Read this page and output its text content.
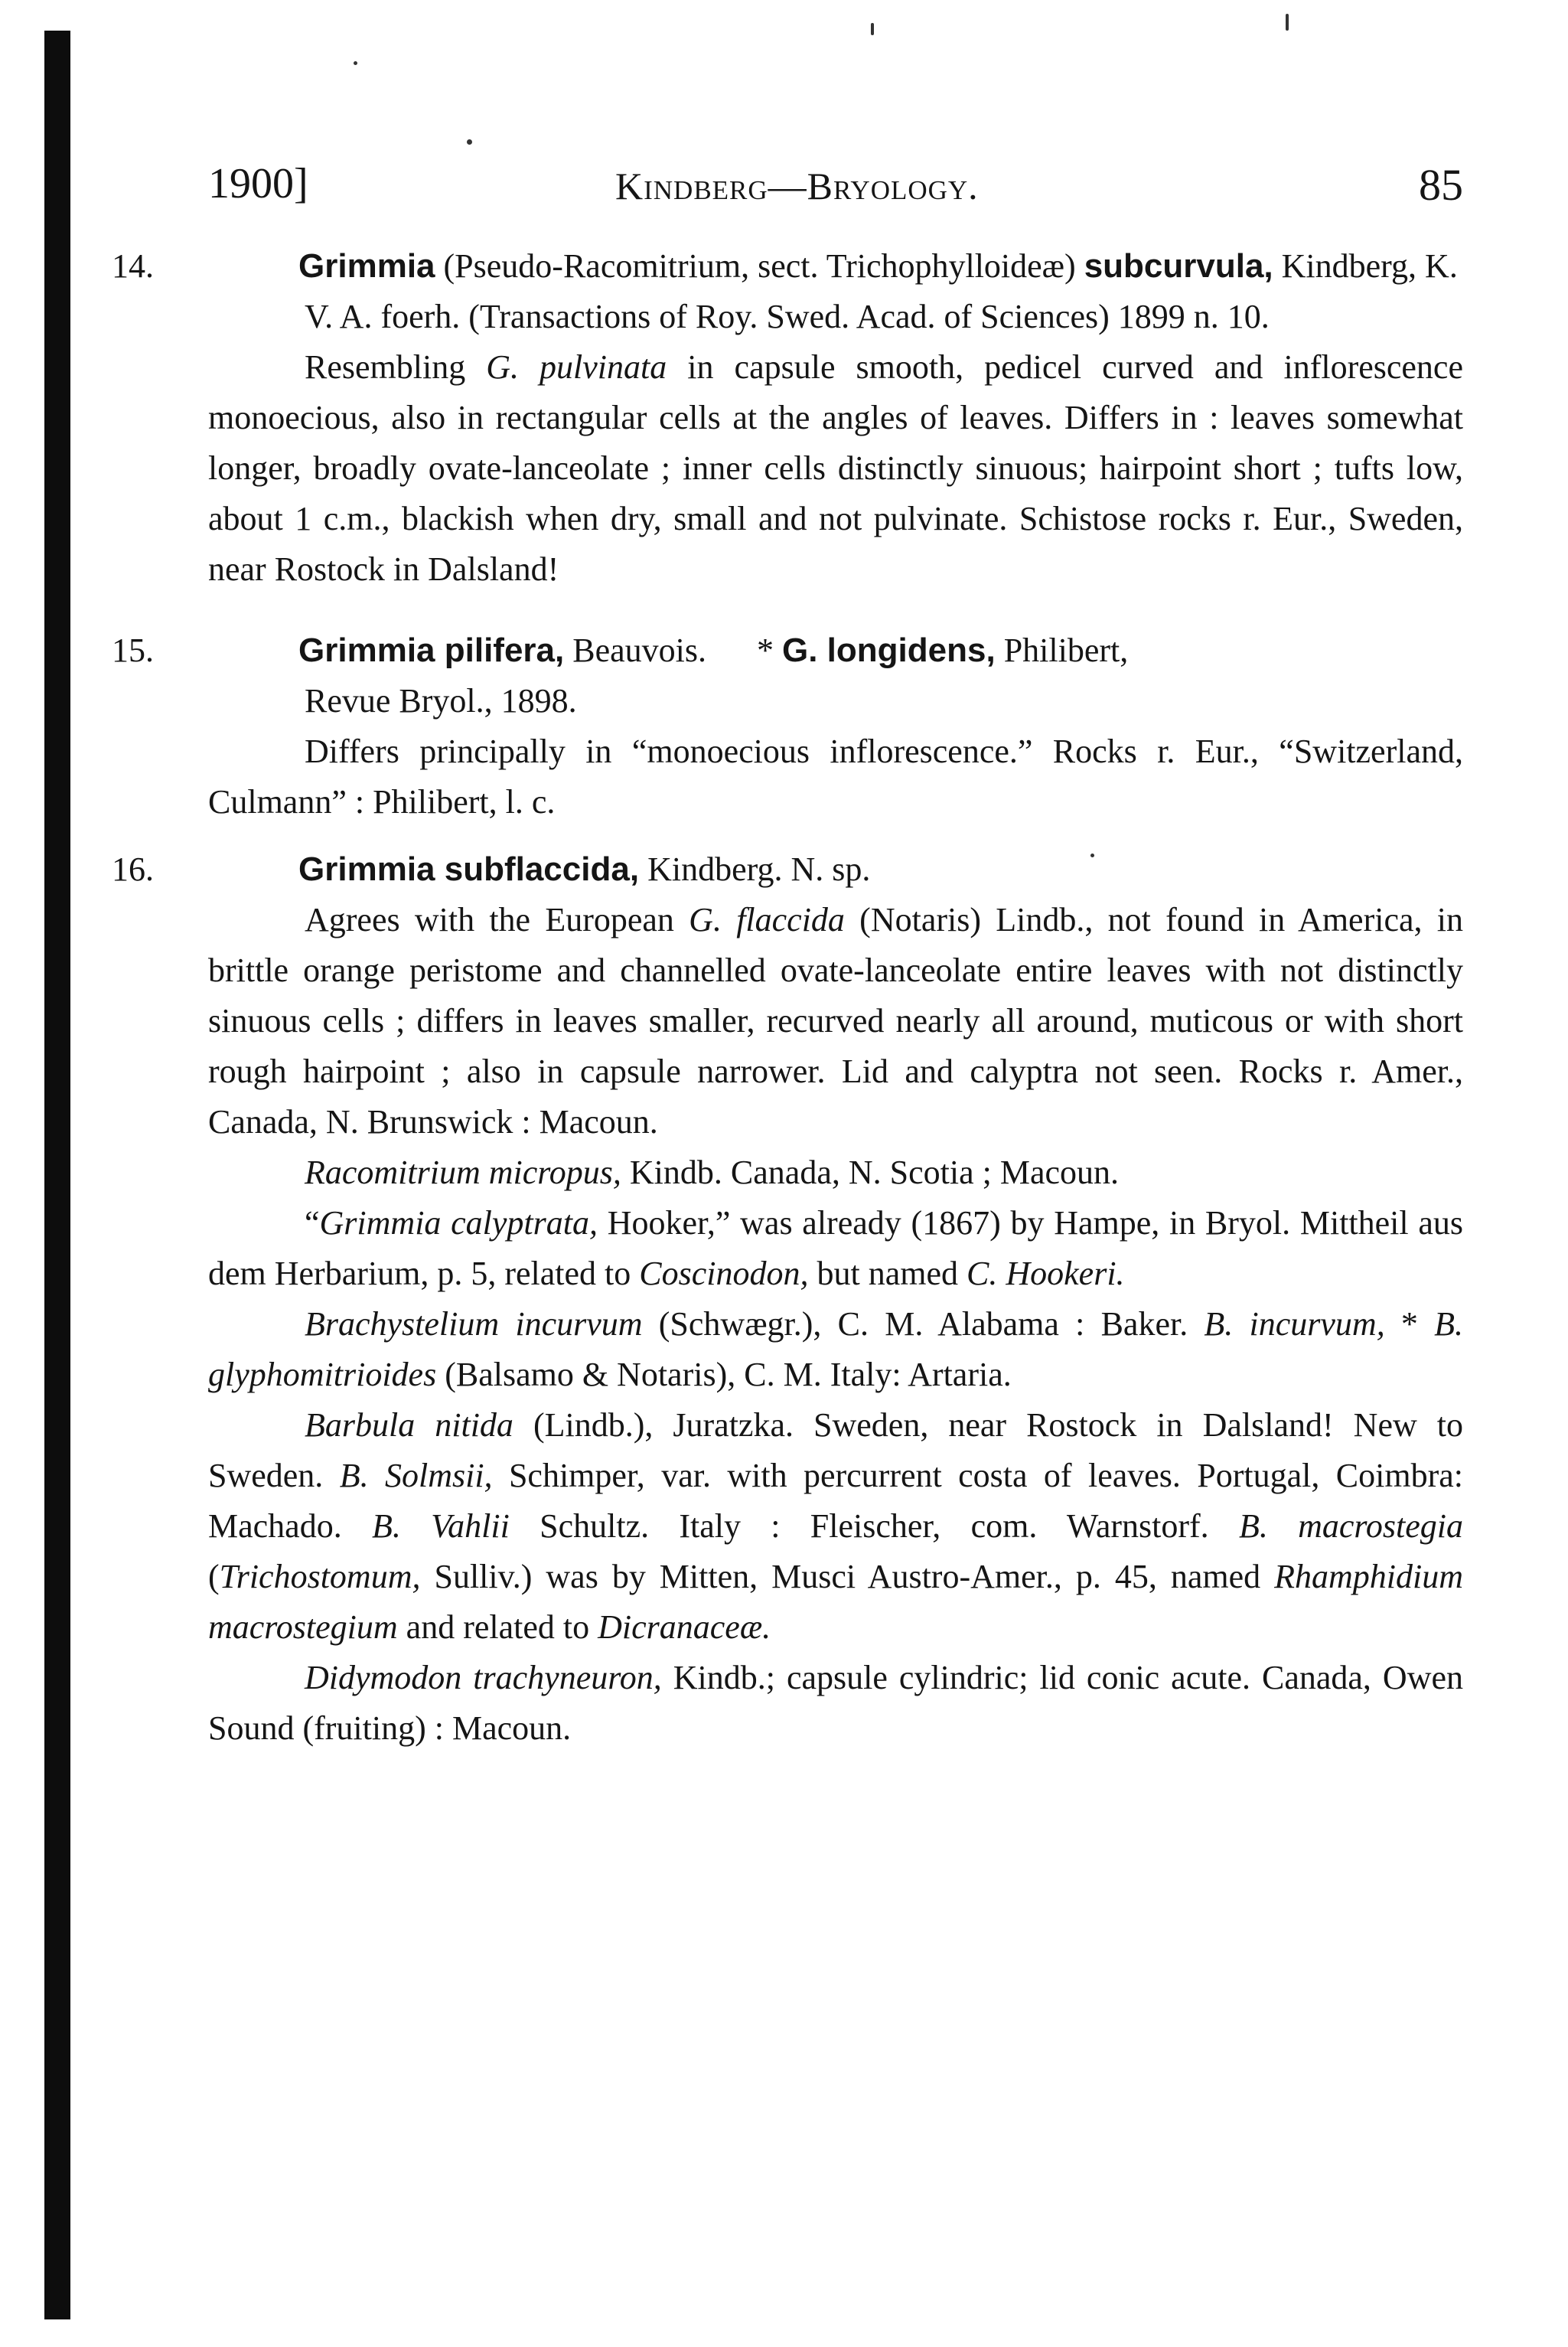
1900]	Kindberg—Bryology.	85

14.	Grimmia (Pseudo-Racomitrium, sect. Trichophylloideæ) subcurvula, Kindberg, K. V. A. foerh. (Transactions of Roy. Swed. Acad. of Sciences) 1899 n. 10.

Resembling G. pulvinata in capsule smooth, pedicel curved and inflorescence monoecious, also in rectangular cells at the angles of leaves. Differs in : leaves somewhat longer, broadly ovate-lanceolate ; inner cells distinctly sinuous; hairpoint short ; tufts low, about 1 c.m., blackish when dry, small and not pulvinate. Schistose rocks r. Eur., Sweden, near Rostock in Dalsland!

15.	Grimmia pilifera, Beauvois. * G. longidens, Philibert,
Revue Bryol., 1898.

Differs principally in “monoecious inflorescence.” Rocks r. Eur., “Switzerland, Culmann” : Philibert, l. c.

16.	Grimmia subflaccida, Kindberg. N. sp.

Agrees with the European G. flaccida (Notaris) Lindb., not found in America, in brittle orange peristome and channelled ovate-lanceolate entire leaves with not distinctly sinuous cells ; differs in leaves smaller, recurved nearly all around, muticous or with short rough hairpoint ; also in capsule narrower. Lid and calyptra not seen. Rocks r. Amer., Canada, N. Brunswick : Macoun.

Racomitrium micropus, Kindb. Canada, N. Scotia ; Macoun.

“Grimmia calyptrata, Hooker,” was already (1867) by Hampe, in Bryol. Mittheil aus dem Herbarium, p. 5, related to Coscinodon, but named C. Hookeri.

Brachystelium incurvum (Schwægr.), C. M. Alabama : Baker. B. incurvum, * B. glyphomitrioides (Balsamo & Notaris), C. M. Italy: Artaria.

Barbula nitida (Lindb.), Juratzka. Sweden, near Rostock in Dalsland! New to Sweden. B. Solmsii, Schimper, var. with percurrent costa of leaves. Portugal, Coimbra: Machado. B. Vahlii Schultz. Italy : Fleischer, com. Warnstorf. B. macrostegia (Trichostomum, Sulliv.) was by Mitten, Musci Austro-Amer., p. 45, named Rhamphidium macrostegium and related to Dicranaceæ.

Didymodon trachyneuron, Kindb.; capsule cylindric; lid conic acute. Canada, Owen Sound (fruiting) : Macoun.
